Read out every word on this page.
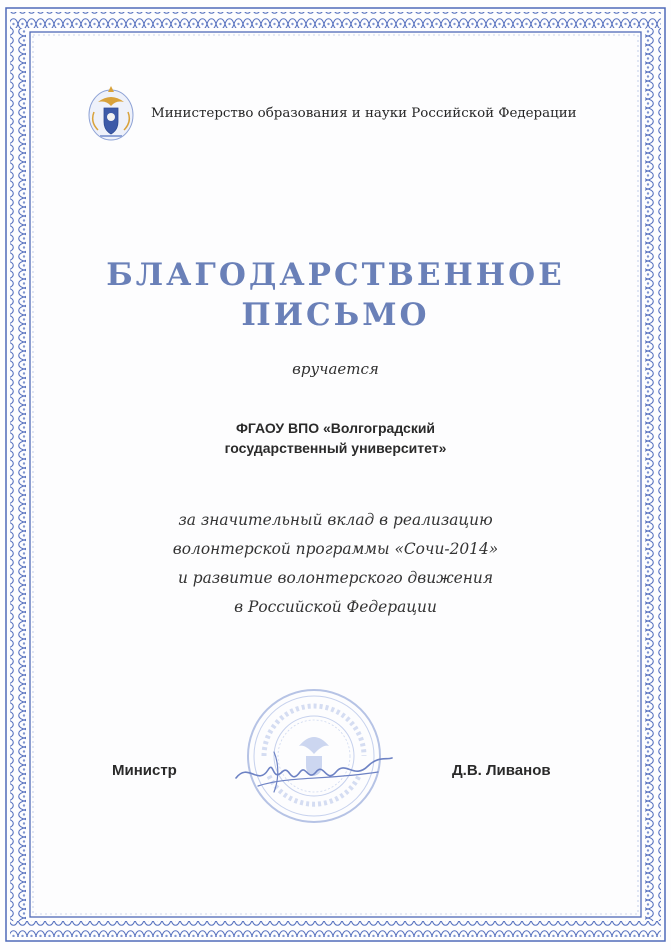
Министерство образования и науки Российской Федерации
БЛАГОДАРСТВЕННОЕ
ПИСЬМО
вручается
ФГАОУ ВПО «Волгоградский
государственный университет»
за значительный вклад в реализацию
волонтерской программы «Сочи-2014»
и развитие волонтерского движения
в Российской Федерации
Министр	Д.В. Ливанов
